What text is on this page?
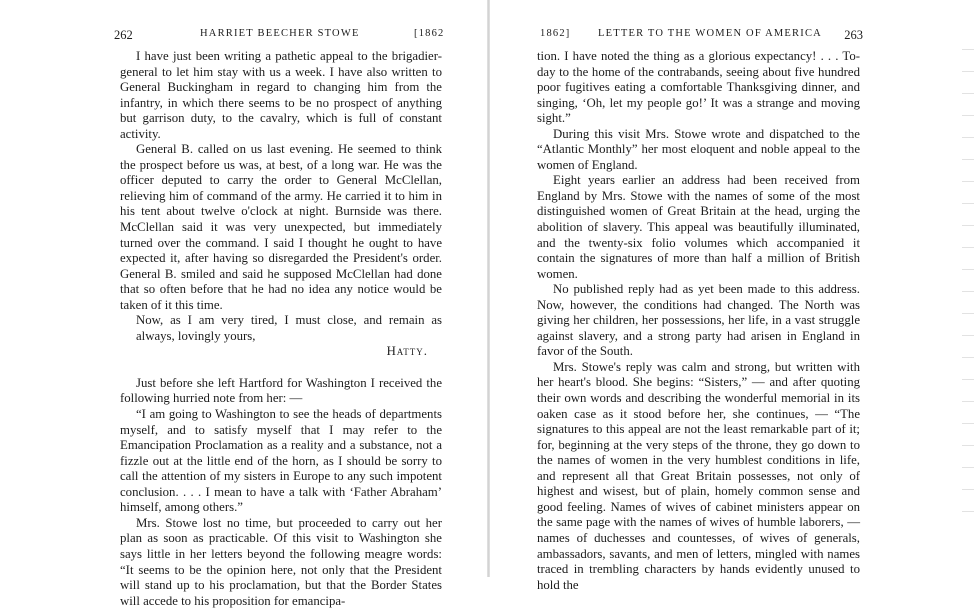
262	HARRIET BEECHER STOWE	[1862

I have just been writing a pathetic appeal to the brigadier-general to let him stay with us a week. I have also written to General Buckingham in regard to changing him from the infantry, in which there seems to be no prospect of anything but garrison duty, to the cavalry, which is full of constant activity.

General B. called on us last evening. He seemed to think the prospect before us was, at best, of a long war. He was the officer deputed to carry the order to General McClellan, relieving him of command of the army. He carried it to him in his tent about twelve o'clock at night. Burnside was there. McClellan said it was very unexpected, but immediately turned over the command. I said I thought he ought to have expected it, after having so disregarded the President's order. General B. smiled and said he supposed McClellan had done that so often before that he had no idea any notice would be taken of it this time.

Now, as I am very tired, I must close, and remain as always, lovingly yours,

Hatty.

Just before she left Hartford for Washington I received the following hurried note from her: —

“I am going to Washington to see the heads of departments myself, and to satisfy myself that I may refer to the Emancipation Proclamation as a reality and a substance, not a fizzle out at the little end of the horn, as I should be sorry to call the attention of my sisters in Europe to any such impotent conclusion. . . . I mean to have a talk with ‘Father Abraham’ himself, among others.”

Mrs. Stowe lost no time, but proceeded to carry out her plan as soon as practicable. Of this visit to Washington she says little in her letters beyond the following meagre words: “It seems to be the opinion here, not only that the President will stand up to his proclamation, but that the Border States will accede to his proposition for emancipa-

1862]	LETTER TO THE WOMEN OF AMERICA 263

tion. I have noted the thing as a glorious expectancy! . . . To-day to the home of the contrabands, seeing about five hundred poor fugitives eating a comfortable Thanksgiving dinner, and singing, ‘Oh, let my people go!’ It was a strange and moving sight.”

During this visit Mrs. Stowe wrote and dispatched to the “Atlantic Monthly” her most eloquent and noble appeal to the women of England.

Eight years earlier an address had been received from England by Mrs. Stowe with the names of some of the most distinguished women of Great Britain at the head, urging the abolition of slavery. This appeal was beautifully illuminated, and the twenty-six folio volumes which accompanied it contain the signatures of more than half a million of British women.

No published reply had as yet been made to this address. Now, however, the conditions had changed. The North was giving her children, her possessions, her life, in a vast struggle against slavery, and a strong party had arisen in England in favor of the South.

Mrs. Stowe's reply was calm and strong, but written with her heart's blood. She begins: “Sisters,” — and after quoting their own words and describing the wonderful memorial in its oaken case as it stood before her, she continues, — “The signatures to this appeal are not the least remarkable part of it; for, beginning at the very steps of the throne, they go down to the names of women in the very humblest conditions in life, and represent all that Great Britain possesses, not only of highest and wisest, but of plain, homely common sense and good feeling. Names of wives of cabinet ministers appear on the same page with the names of wives of humble laborers, — names of duchesses and countesses, of wives of generals, ambassadors, savants, and men of letters, mingled with names traced in trembling characters by hands evidently unused to hold the
